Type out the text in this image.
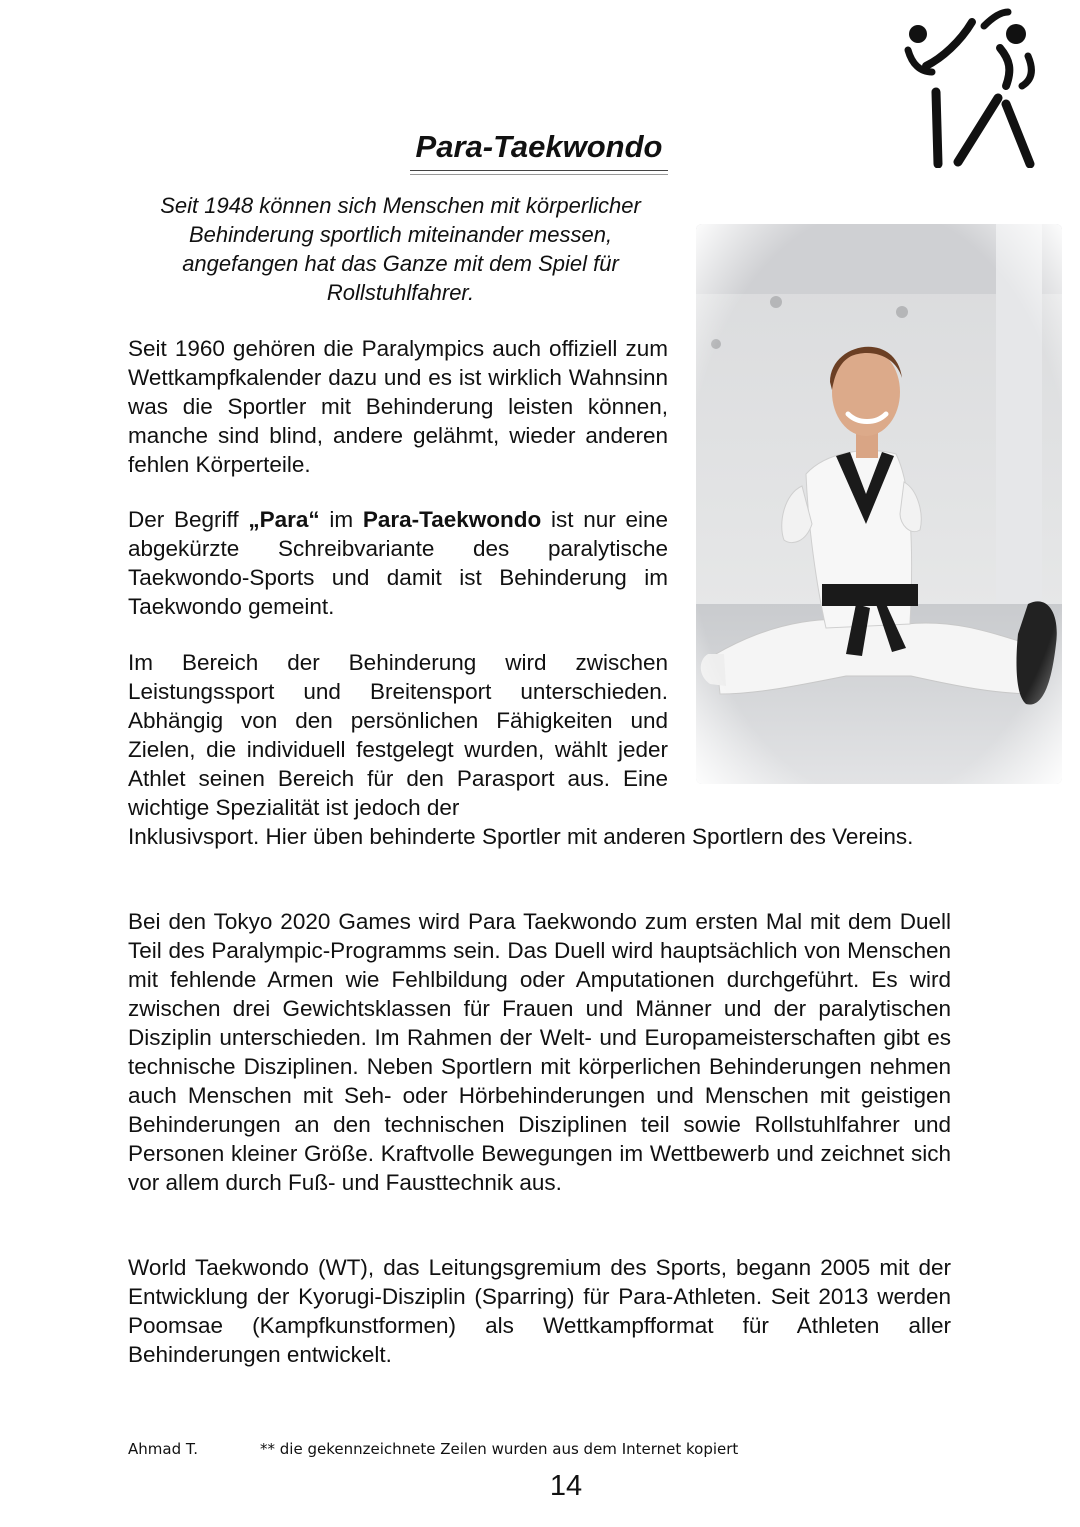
Para-Taekwondo

Seit 1948 können sich Menschen mit körperlicher Behinderung sportlich miteinander messen, angefangen hat das Ganze mit dem Spiel für Rollstuhlfahrer.

Seit 1960 gehören die Paralympics auch offiziell zum Wettkampfkalender dazu und es ist wirklich Wahnsinn was die Sportler mit Behinderung leisten können, manche sind blind, andere gelähmt, wieder anderen fehlen Körperteile.

Der Begriff „Para“ im Para-Taekwondo ist nur eine abgekürzte Schreibvariante des paralytische Taekwondo-Sports und damit ist Behinderung im Taekwondo gemeint.

Im Bereich der Behinderung wird zwischen Leistungssport und Breitensport unterschieden. Abhängig von den persönlichen Fähigkeiten und Zielen, die individuell festgelegt wurden, wählt jeder Athlet seinen Bereich für den Parasport aus. Eine wichtige Spezialität ist jedoch der

Inklusivsport. Hier üben behinderte Sportler mit anderen Sportlern des Vereins.

Bei den Tokyo 2020 Games wird Para Taekwondo zum ersten Mal mit dem Duell Teil des Paralympic-Programms sein. Das Duell wird hauptsächlich von Menschen mit fehlende Armen wie Fehlbildung oder Amputationen durchgeführt. Es wird zwischen drei Gewichtsklassen für Frauen und Männer und der paralytischen Disziplin unterschieden. Im Rahmen der Welt- und Europameisterschaften gibt es technische Disziplinen. Neben Sportlern mit körperlichen Behinderungen nehmen auch Menschen mit Seh- oder Hörbehinderungen und Menschen mit geistigen Behinderungen an den technischen Disziplinen teil sowie Rollstuhlfahrer und Personen kleiner Größe. Kraftvolle Bewegungen im Wettbewerb und zeichnet sich vor allem durch Fuß- und Fausttechnik aus.

World Taekwondo (WT), das Leitungsgremium des Sports, begann 2005 mit der Entwicklung der Kyorugi-Disziplin (Sparring) für Para-Athleten. Seit 2013 werden Poomsae (Kampfkunstformen) als Wettkampfformat für Athleten aller Behinderungen entwickelt.

Ahmad T.	** die gekennzeichnete Zeilen wurden aus dem Internet kopiert
14
